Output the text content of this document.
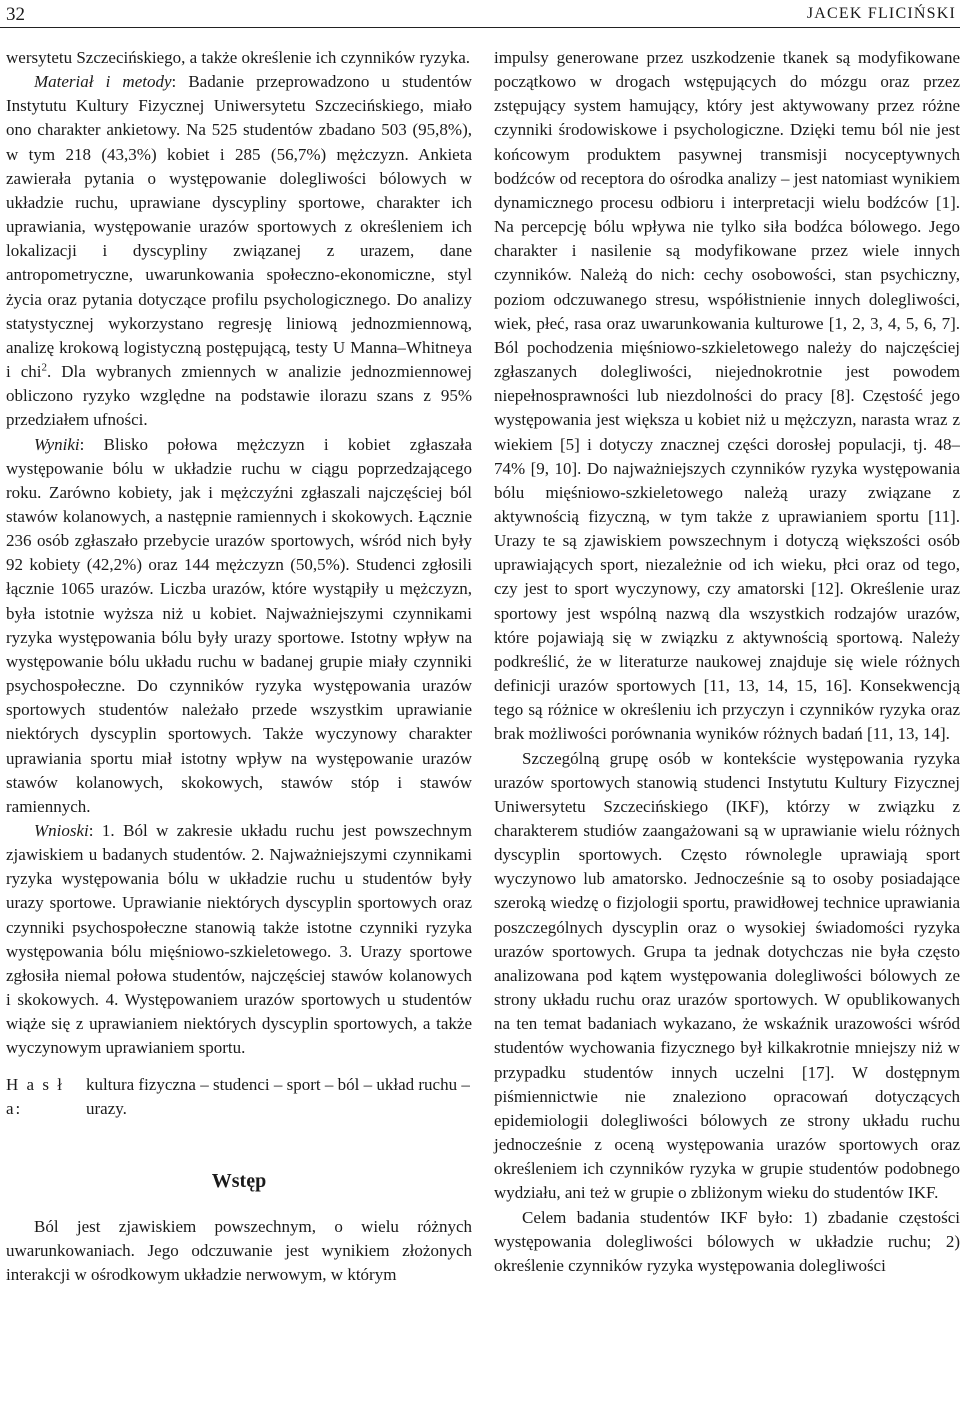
32	JACEK FLICIŃSKI

wersytetu Szczecińskiego, a także określenie ich czynników ryzyka.

Materiał i metody: Badanie przeprowadzono u studentów Instytutu Kultury Fizycznej Uniwersytetu Szczecińskiego, miało ono charakter ankietowy. Na 525 studentów zbadano 503 (95,8%), w tym 218 (43,3%) kobiet i 285 (56,7%) mężczyzn. Ankieta zawierała pytania o występowanie dolegliwości bólowych w układzie ruchu, uprawiane dyscypliny sportowe, charakter ich uprawiania, występowanie urazów sportowych z określeniem ich lokalizacji i dyscypliny związanej z urazem, dane antropometryczne, uwarunkowania społeczno-ekonomiczne, styl życia oraz pytania dotyczące profilu psychologicznego. Do analizy statystycznej wykorzystano regresję liniową jednozmiennową, analizę krokową logistyczną postępującą, testy U Manna–Whitneya i chi$^2$. Dla wybranych zmiennych w analizie jednozmiennowej obliczono ryzyko względne na podstawie ilorazu szans z 95% przedziałem ufności.

Wyniki: Blisko połowa mężczyzn i kobiet zgłaszała występowanie bólu w układzie ruchu w ciągu poprzedzającego roku. Zarówno kobiety, jak i mężczyźni zgłaszali najczęściej ból stawów kolanowych, a następnie ramiennych i skokowych. Łącznie 236 osób zgłaszało przebycie urazów sportowych, wśród nich były 92 kobiety (42,2%) oraz 144 mężczyzn (50,5%). Studenci zgłosili łącznie 1065 urazów. Liczba urazów, które wystąpiły u mężczyzn, była istotnie wyższa niż u kobiet. Najważniejszymi czynnikami ryzyka występowania bólu były urazy sportowe. Istotny wpływ na występowanie bólu układu ruchu w badanej grupie miały czynniki psychospołeczne. Do czynników ryzyka występowania urazów sportowych studentów należało przede wszystkim uprawianie niektórych dyscyplin sportowych. Także wyczynowy charakter uprawiania sportu miał istotny wpływ na występowanie urazów stawów kolanowych, skokowych, stawów stóp i stawów ramiennych.

Wnioski: 1. Ból w zakresie układu ruchu jest powszechnym zjawiskiem u badanych studentów. 2. Najważniejszymi czynnikami ryzyka występowania bólu w układzie ruchu u studentów były urazy sportowe. Uprawianie niektórych dyscyplin sportowych oraz czynniki psychospołeczne stanowią także istotne czynniki ryzyka występowania bólu mięśniowo-szkieletowego. 3. Urazy sportowe zgłosiła niemal połowa studentów, najczęściej stawów kolanowych i skokowych. 4. Występowaniem urazów sportowych u studentów wiąże się z uprawianiem niektórych dyscyplin sportowych, a także wyczynowym uprawianiem sportu.

H a s ł a:
kultura fizyczna – studenci – sport – ból – układ ruchu – urazy.
Wstęp

Ból jest zjawiskiem powszechnym, o wielu różnych uwarunkowaniach. Jego odczuwanie jest wynikiem złożonych interakcji w ośrodkowym układzie nerwowym, w którym

impulsy generowane przez uszkodzenie tkanek są modyfikowane początkowo w drogach wstępujących do mózgu oraz przez zstępujący system hamujący, który jest aktywowany przez różne czynniki środowiskowe i psychologiczne. Dzięki temu ból nie jest końcowym produktem pasywnej transmisji nocyceptywnych bodźców od receptora do ośrodka analizy – jest natomiast wynikiem dynamicznego procesu odbioru i interpretacji wielu bodźców [1]. Na percepcję bólu wpływa nie tylko siła bodźca bólowego. Jego charakter i nasilenie są modyfikowane przez wiele innych czynników. Należą do nich: cechy osobowości, stan psychiczny, poziom odczuwanego stresu, współistnienie innych dolegliwości, wiek, płeć, rasa oraz uwarunkowania kulturowe [1, 2, 3, 4, 5, 6, 7]. Ból pochodzenia mięśniowo-szkieletowego należy do najczęściej zgłaszanych dolegliwości, niejednokrotnie jest powodem niepełnosprawności lub niezdolności do pracy [8]. Częstość jego występowania jest większa u kobiet niż u mężczyzn, narasta wraz z wiekiem [5] i dotyczy znacznej części dorosłej populacji, tj. 48–74% [9, 10]. Do najważniejszych czynników ryzyka występowania bólu mięśniowo-szkieletowego należą urazy związane z aktywnością fizyczną, w tym także z uprawianiem sportu [11]. Urazy te są zjawiskiem powszechnym i dotyczą większości osób uprawiających sport, niezależnie od ich wieku, płci oraz od tego, czy jest to sport wyczynowy, czy amatorski [12]. Określenie uraz sportowy jest wspólną nazwą dla wszystkich rodzajów urazów, które pojawiają się w związku z aktywnością sportową. Należy podkreślić, że w literaturze naukowej znajduje się wiele różnych definicji urazów sportowych [11, 13, 14, 15, 16]. Konsekwencją tego są różnice w określeniu ich przyczyn i czynników ryzyka oraz brak możliwości porównania wyników różnych badań [11, 13, 14].

Szczególną grupę osób w kontekście występowania ryzyka urazów sportowych stanowią studenci Instytutu Kultury Fizycznej Uniwersytetu Szczecińskiego (IKF), którzy w związku z charakterem studiów zaangażowani są w uprawianie wielu różnych dyscyplin sportowych. Często równolegle uprawiają sport wyczynowo lub amatorsko. Jednocześnie są to osoby posiadające szeroką wiedzę o fizjologii sportu, prawidłowej technice uprawiania poszczególnych dyscyplin oraz o wysokiej świadomości ryzyka urazów sportowych. Grupa ta jednak dotychczas nie była często analizowana pod kątem występowania dolegliwości bólowych ze strony układu ruchu oraz urazów sportowych. W opublikowanych na ten temat badaniach wykazano, że wskaźnik urazowości wśród studentów wychowania fizycznego był kilkakrotnie mniejszy niż w przypadku studentów innych uczelni [17]. W dostępnym piśmiennictwie nie znaleziono opracowań dotyczących epidemiologii dolegliwości bólowych ze strony układu ruchu jednocześnie z oceną występowania urazów sportowych oraz określeniem ich czynników ryzyka w grupie studentów podobnego wydziału, ani też w grupie o zbliżonym wieku do studentów IKF.

Celem badania studentów IKF było: 1) zbadanie częstości występowania dolegliwości bólowych w układzie ruchu; 2) określenie czynników ryzyka występowania dolegliwości
